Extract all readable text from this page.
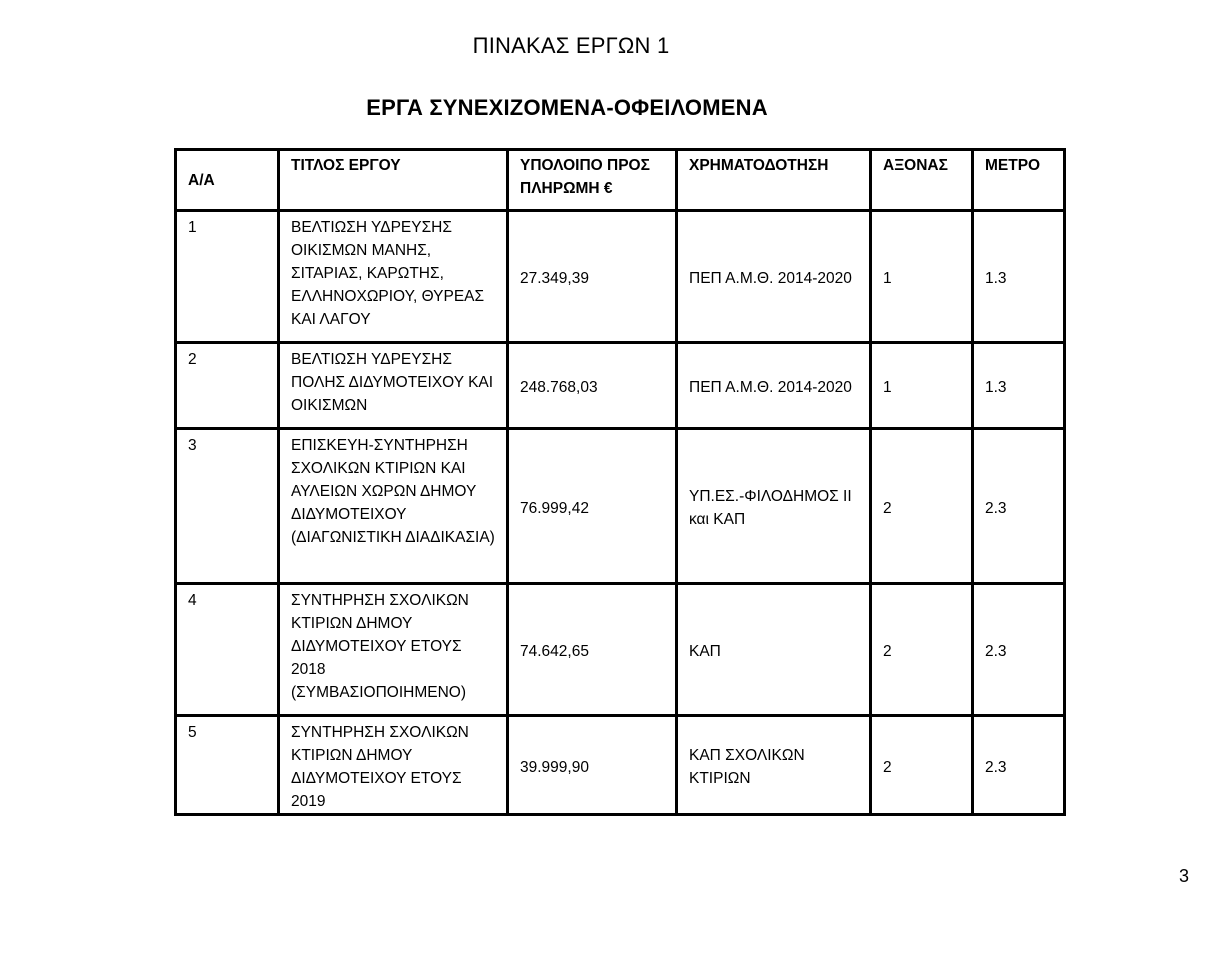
ΠΙΝΑΚΑΣ ΕΡΓΩΝ 1
ΕΡΓΑ ΣΥΝΕΧΙΖΟΜΕΝΑ-ΟΦΕΙΛΟΜΕΝΑ
Α/Α	ΤΙΤΛΟΣ ΕΡΓΟΥ	ΥΠΟΛΟΙΠΟ ΠΡΟΣ ΠΛΗΡΩΜΗ €	ΧΡΗΜΑΤΟΔΟΤΗΣΗ	ΑΞΟΝΑΣ	ΜΕΤΡΟ
1	ΒΕΛΤΙΩΣΗ ΥΔΡΕΥΣΗΣ ΟΙΚΙΣΜΩΝ ΜΑΝΗΣ, ΣΙΤΑΡΙΑΣ, ΚΑΡΩΤΗΣ, ΕΛΛΗΝΟΧΩΡΙΟΥ, ΘΥΡΕΑΣ ΚΑΙ ΛΑΓΟΥ	27.349,39	ΠΕΠ Α.Μ.Θ. 2014-2020	1	1.3
2	ΒΕΛΤΙΩΣΗ ΥΔΡΕΥΣΗΣ ΠΟΛΗΣ ΔΙΔΥΜΟΤΕΙΧΟΥ ΚΑΙ ΟΙΚΙΣΜΩΝ	248.768,03	ΠΕΠ Α.Μ.Θ. 2014-2020	1	1.3
3	ΕΠΙΣΚΕΥΗ-ΣΥΝΤΗΡΗΣΗ ΣΧΟΛΙΚΩΝ ΚΤΙΡΙΩΝ ΚΑΙ ΑΥΛΕΙΩΝ ΧΩΡΩΝ ΔΗΜΟΥ ΔΙΔΥΜΟΤΕΙΧΟΥ (ΔΙΑΓΩΝΙΣΤΙΚΗ ΔΙΑΔΙΚΑΣΙΑ)	76.999,42	ΥΠ.ΕΣ.-ΦΙΛΟΔΗΜΟΣ ΙΙ και ΚΑΠ	2	2.3
4	ΣΥΝΤΗΡΗΣΗ ΣΧΟΛΙΚΩΝ ΚΤΙΡΙΩΝ ΔΗΜΟΥ ΔΙΔΥΜΟΤΕΙΧΟΥ ΕΤΟΥΣ 2018 (ΣΥΜΒΑΣΙΟΠΟΙΗΜΕΝΟ)	74.642,65	ΚΑΠ	2	2.3
5	ΣΥΝΤΗΡΗΣΗ ΣΧΟΛΙΚΩΝ ΚΤΙΡΙΩΝ ΔΗΜΟΥ ΔΙΔΥΜΟΤΕΙΧΟΥ ΕΤΟΥΣ 2019	39.999,90	ΚΑΠ ΣΧΟΛΙΚΩΝ ΚΤΙΡΙΩΝ	2	2.3
3
